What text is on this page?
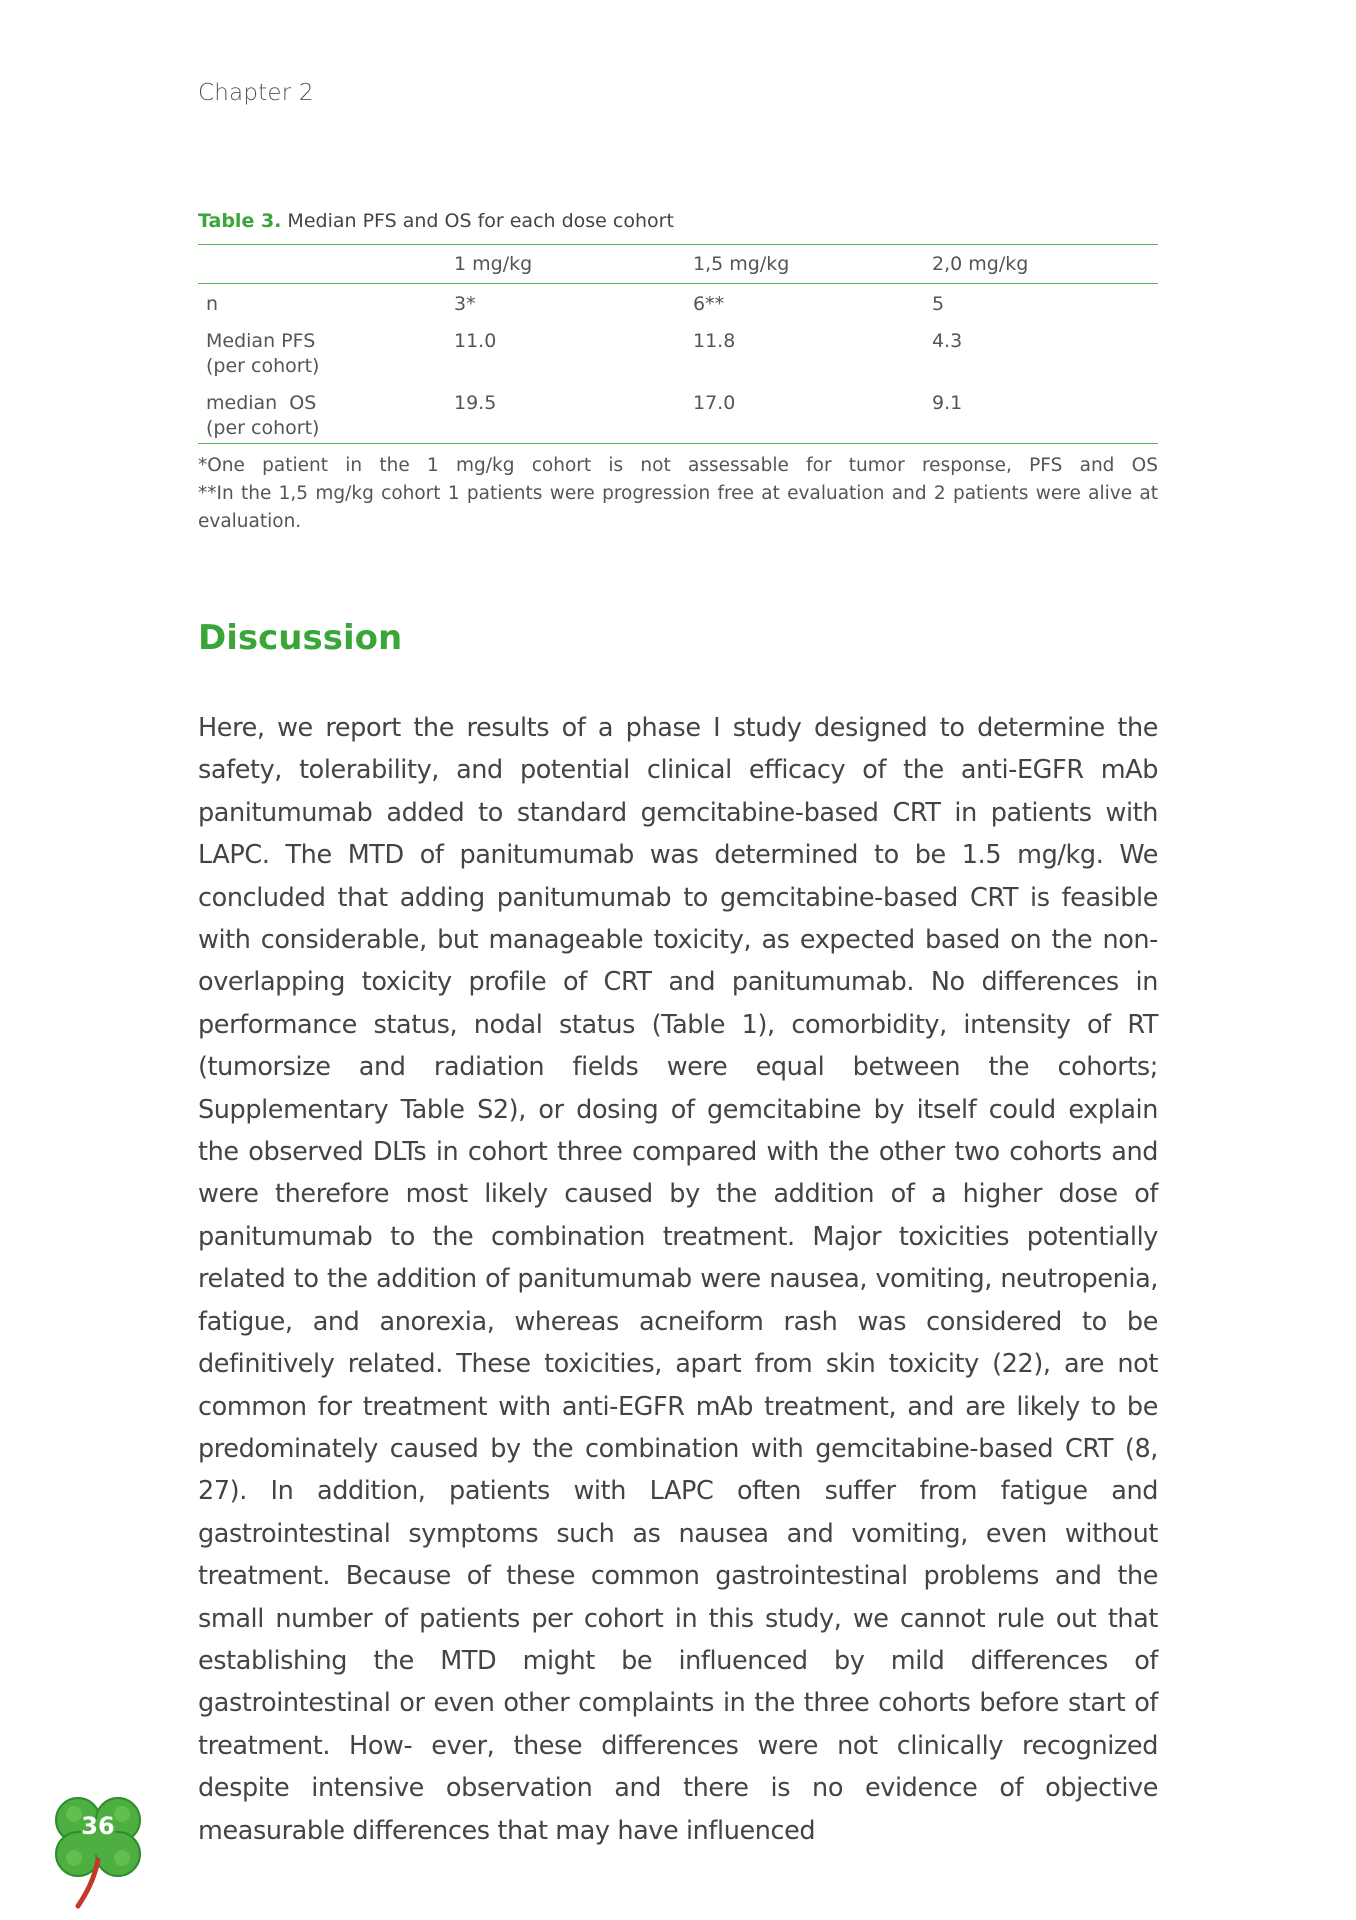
Chapter 2
Table 3. Median PFS and OS for each dose cohort
	1 mg/kg	1,5 mg/kg	2,0 mg/kg
n	3*	6**	5
Median PFS
(per cohort)	11.0	11.8	4.3
median  OS
(per cohort)	19.5	17.0	9.1

*One patient in the 1 mg/kg cohort is not assessable for tumor response, PFS and OS

**In the 1,5 mg/kg cohort 1 patients were progression free at evaluation and 2 patients were alive at evaluation.

Discussion

Here, we report the results of a phase I study designed to determine the safety, tolerability, and potential clinical efficacy of the anti-EGFR mAb panitumumab added to standard gemcitabine-based CRT in patients with LAPC. The MTD of panitumumab was determined to be 1.5 mg/kg. We concluded that adding panitumumab to gemcitabine-based CRT is feasible with considerable, but manageable toxicity, as expected based on the non- overlapping toxicity profile of CRT and panitumumab. No differences in performance status, nodal status (Table 1), comorbidity, intensity of RT (tumorsize and radiation fields were equal between the cohorts; Supplementary Table S2), or dosing of gemcitabine by itself could explain the observed DLTs in cohort three compared with the other two cohorts and were therefore most likely caused by the addition of a higher dose of panitumumab to the combination treatment. Major toxicities potentially related to the addition of panitumumab were nausea, vomiting, neutropenia, fatigue, and anorexia, whereas acneiform rash was considered to be definitively related. These toxicities, apart from skin toxicity (22), are not common for treatment with anti-EGFR mAb treatment, and are likely to be predominately caused by the combination with gemcitabine-based CRT (8, 27). In addition, patients with LAPC often suffer from fatigue and gastrointestinal symptoms such as nausea and vomiting, even without treatment. Because of these common gastrointestinal problems and the small number of patients per cohort in this study, we cannot rule out that establishing the MTD might be influenced by mild differences of gastrointestinal or even other complaints in the three cohorts before start of treatment. How- ever, these differences were not clinically recognized despite intensive observation and there is no evidence of objective measurable differences that may have influenced

36
